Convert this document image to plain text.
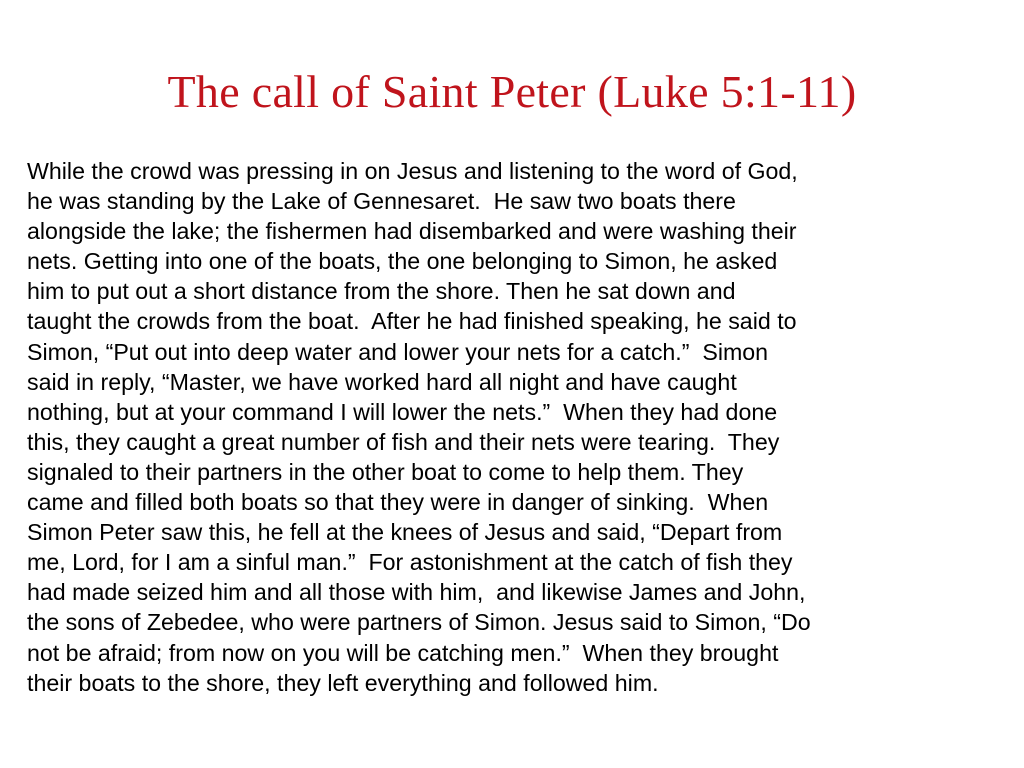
The call of Saint Peter (Luke 5:1-11)
While the crowd was pressing in on Jesus and listening to the word of God,
he was standing by the Lake of Gennesaret.  He saw two boats there
alongside the lake; the fishermen had disembarked and were washing their
nets. Getting into one of the boats, the one belonging to Simon, he asked
him to put out a short distance from the shore. Then he sat down and
taught the crowds from the boat.  After he had finished speaking, he said to
Simon, “Put out into deep water and lower your nets for a catch.”  Simon
said in reply, “Master, we have worked hard all night and have caught
nothing, but at your command I will lower the nets.”  When they had done
this, they caught a great number of fish and their nets were tearing.  They
signaled to their partners in the other boat to come to help them. They
came and filled both boats so that they were in danger of sinking.  When
Simon Peter saw this, he fell at the knees of Jesus and said, “Depart from
me, Lord, for I am a sinful man.”  For astonishment at the catch of fish they
had made seized him and all those with him,  and likewise James and John,
the sons of Zebedee, who were partners of Simon. Jesus said to Simon, “Do
not be afraid; from now on you will be catching men.”  When they brought
their boats to the shore, they left everything and followed him.
